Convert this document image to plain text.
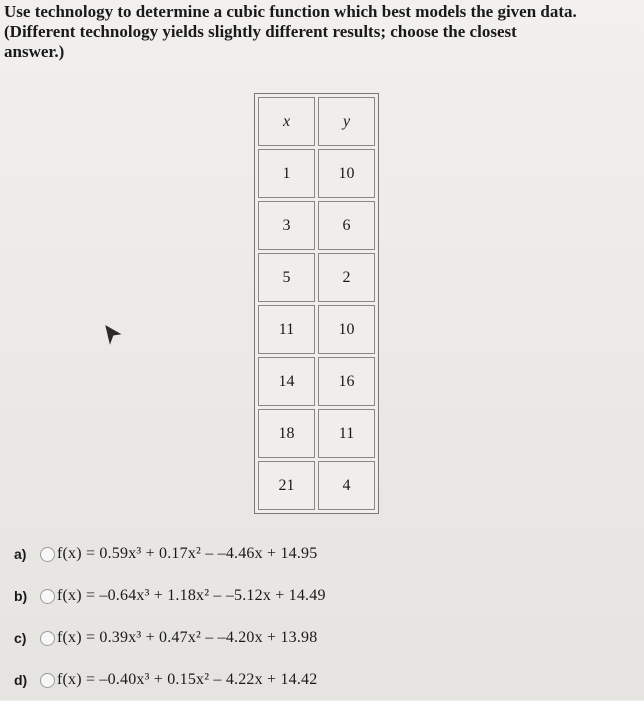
Use technology to determine a cubic function which best models the given data.

(Different technology yields slightly different results; choose the closest

answer.)

x	y
1	10
3	6
5	2
11	10
14	16
18	11
21	4
a)	f(x) = 0.59x³ + 0.17x² – –4.46x + 14.95
b)	f(x) = –0.64x³ + 1.18x² – –5.12x + 14.49
c)	f(x) = 0.39x³ + 0.47x² – –4.20x + 13.98
d)	f(x) = –0.40x³ + 0.15x² – 4.22x + 14.42
